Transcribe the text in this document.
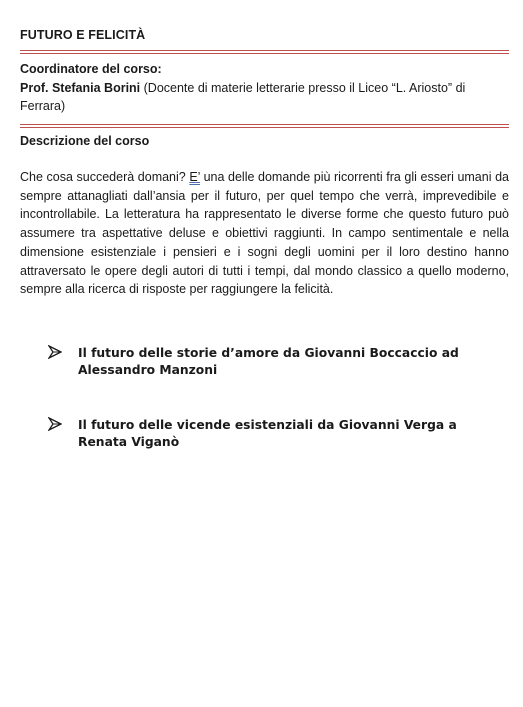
FUTURO E FELICITÀ
Coordinatore del corso:
Prof. Stefania Borini (Docente di materie letterarie presso il Liceo “L. Ariosto” di Ferrara)
Descrizione del corso
Che cosa succederà domani? E’ una delle domande più ricorrenti fra gli esseri umani da sempre attanagliati dall’ansia per il futuro, per quel tempo che verrà, imprevedibile e incontrollabile. La letteratura ha rappresentato le diverse forme che questo futuro può assumere tra aspettative deluse e obiettivi raggiunti. In campo sentimentale e nella dimensione esistenziale i pensieri e i sogni degli uomini per il loro destino hanno attraversato le opere degli autori di tutti i tempi, dal mondo classico a quello moderno, sempre alla ricerca di risposte per raggiungere la felicità.
Il futuro delle storie d’amore da Giovanni Boccaccio ad Alessandro Manzoni
Il futuro delle vicende esistenziali da Giovanni Verga a Renata Viganò
